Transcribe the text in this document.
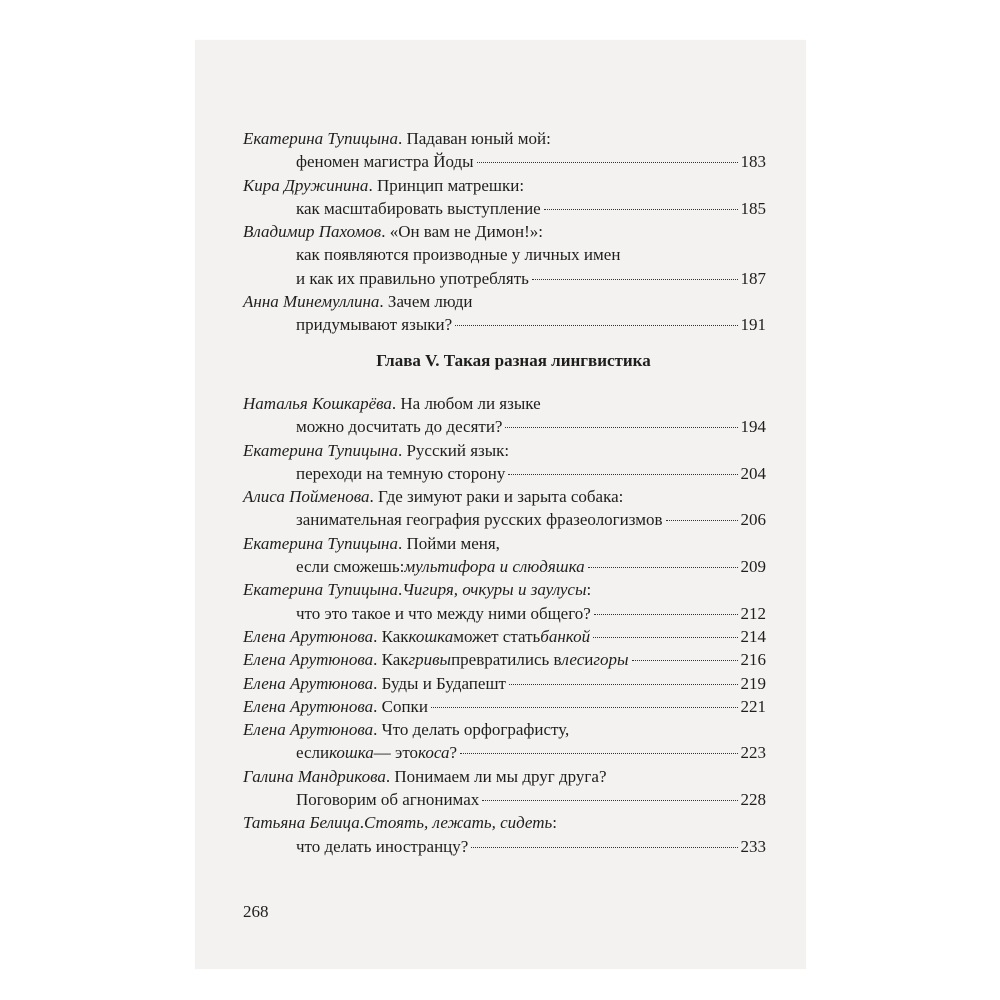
Екатерина Тупицына . Падаван юный мой:
феномен магистра Йоды	183
Кира Дружинина . Принцип матрешки:
как масштабировать выступление	185
Владимир Пахомов . «Он вам не Димон!»:
как появляются производные у личных имен
и как их правильно употреблять	187
Анна Минемуллина . Зачем люди
придумывают языки?	191
Глава V. Такая разная лингвистика
Наталья Кошкарёва . На любом ли языке
можно досчитать до десяти?	194
Екатерина Тупицына . Русский язык:
переходи на темную сторону	204
Алиса Пойменова . Где зимуют раки и зарыта собака:
занимательная география русских фразеологизмов	206
Екатерина Тупицына . Пойми меня,
если сможешь: мультифора и слюдяшка	209
Екатерина Тупицына . Чигиря, очкуры и заулусы :
что это такое и что между ними общего?	212
Елена Арутюнова . Как кошка может стать банкой	214
Елена Арутюнова . Как гривы превратились в лес и горы	216
Елена Арутюнова . Буды и Будапешт	219
Елена Арутюнова . Сопки	221
Елена Арутюнова . Что делать орфографисту,
если кошка — это коса ?	223
Галина Мандрикова . Понимаем ли мы друг друга?
Поговорим об агнонимах	228
Татьяна Белица . Стоять, лежать, сидеть :
что делать иностранцу?	233
268
